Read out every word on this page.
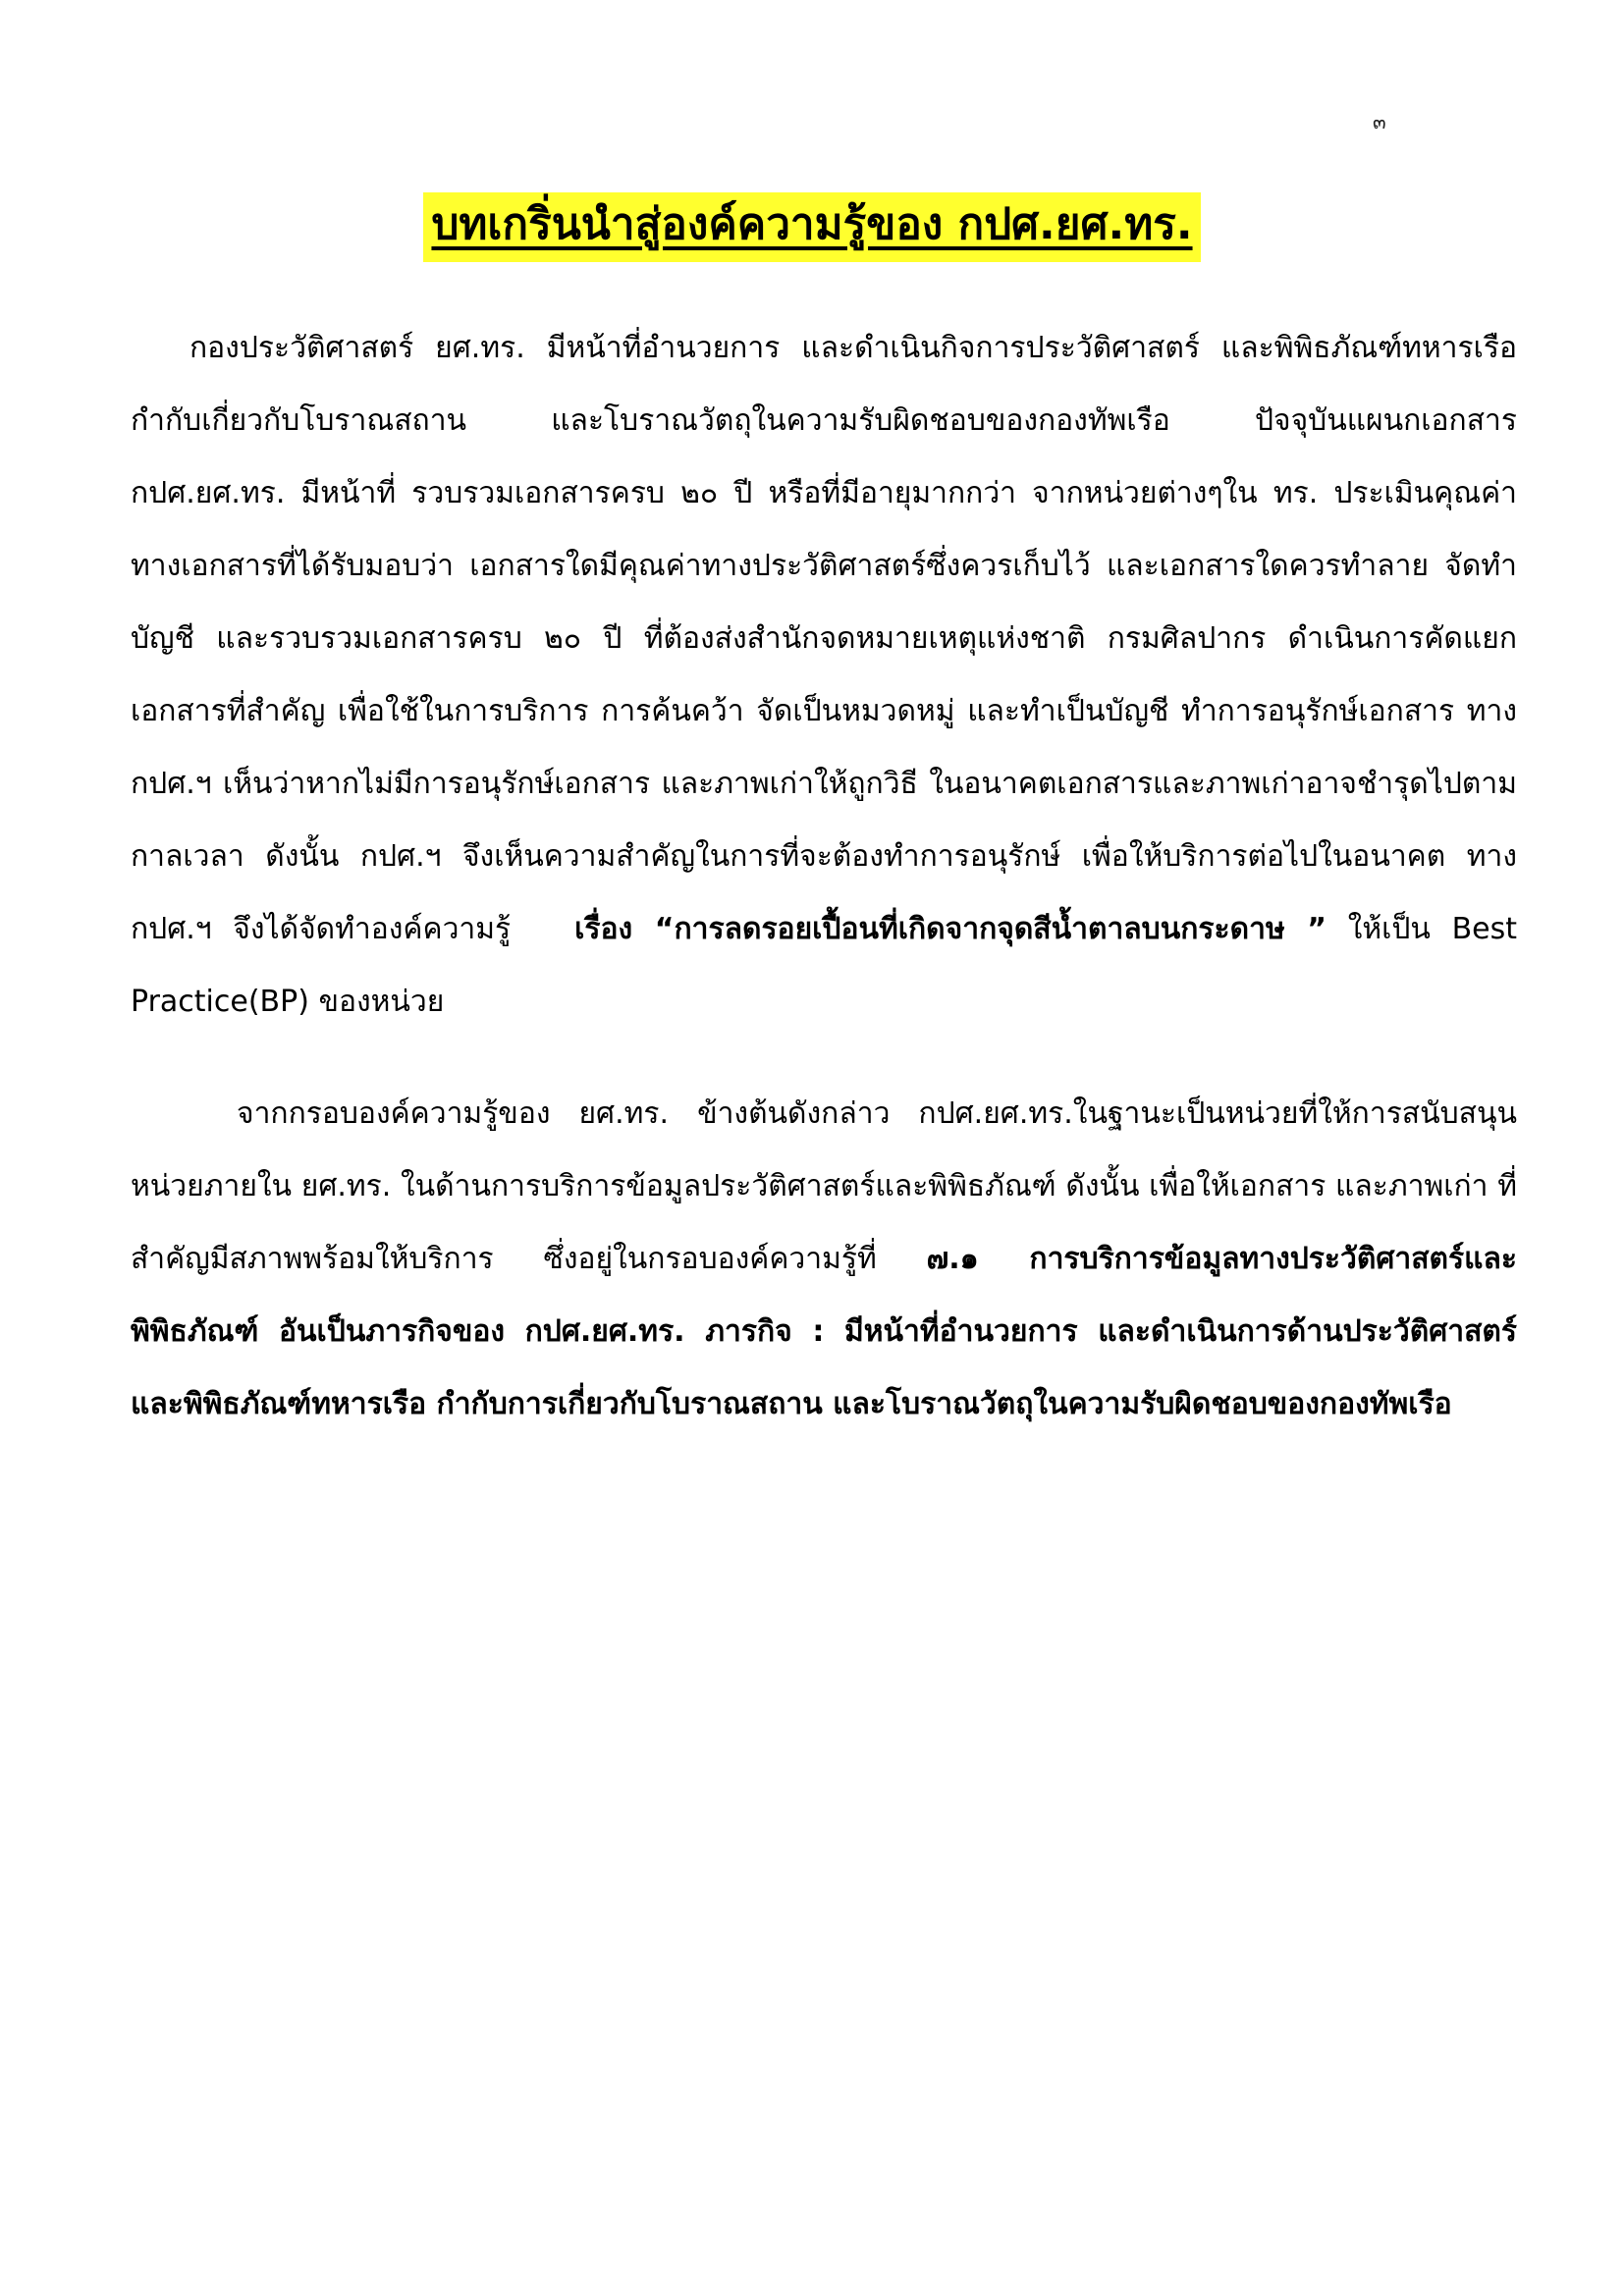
๓
บทเกริ่นนำสู่องค์ความรู้ของ กปศ.ยศ.ทร.

กองประวัติศาสตร์ ยศ.ทร. มีหน้าที่อำนวยการ และดำเนินกิจการประวัติศาสตร์ และพิพิธภัณฑ์ทหารเรือ กำกับเกี่ยวกับโบราณสถาน และโบราณวัตถุในความรับผิดชอบของกองทัพเรือ ปัจจุบันแผนกเอกสาร กปศ.ยศ.ทร. มีหน้าที่ รวบรวมเอกสารครบ ๒๐ ปี หรือที่มีอายุมากกว่า จากหน่วยต่างๆใน ทร. ประเมินคุณค่าทางเอกสารที่ได้รับมอบว่า เอกสารใดมีคุณค่าทางประวัติศาสตร์ซึ่งควรเก็บไว้ และเอกสารใดควรทำลาย จัดทำบัญชี และรวบรวมเอกสารครบ ๒๐ ปี ที่ต้องส่งสำนักจดหมายเหตุแห่งชาติ กรมศิลปากร ดำเนินการคัดแยกเอกสารที่สำคัญ เพื่อใช้ในการบริการ การค้นคว้า จัดเป็นหมวดหมู่ และทำเป็นบัญชี ทำการอนุรักษ์เอกสาร ทาง กปศ.ฯ เห็นว่าหากไม่มีการอนุรักษ์เอกสาร และภาพเก่าให้ถูกวิธี ในอนาคตเอกสารและภาพเก่าอาจชำรุดไปตามกาลเวลา ดังนั้น กปศ.ฯ จึงเห็นความสำคัญในการที่จะต้องทำการอนุรักษ์ เพื่อให้บริการต่อไปในอนาคต ทาง กปศ.ฯ จึงได้จัดทำองค์ความรู้ เรื่อง “การลดรอยเปื้อนที่เกิดจากจุดสีน้ำตาลบนกระดาษ ” ให้เป็น Best Practice(BP) ของหน่วย

จากกรอบองค์ความรู้ของ ยศ.ทร. ข้างต้นดังกล่าว กปศ.ยศ.ทร.ในฐานะเป็นหน่วยที่ให้การสนับสนุนหน่วยภายใน ยศ.ทร. ในด้านการบริการข้อมูลประวัติศาสตร์และพิพิธภัณฑ์ ดังนั้น เพื่อให้เอกสาร และภาพเก่า ที่สำคัญมีสภาพพร้อมให้บริการ ซึ่งอยู่ในกรอบองค์ความรู้ที่ ๗.๑ การบริการข้อมูลทางประวัติศาสตร์และพิพิธภัณฑ์ อันเป็นภารกิจของ กปศ.ยศ.ทร. ภารกิจ : มีหน้าที่อำนวยการ และดำเนินการด้านประวัติศาสตร์ และพิพิธภัณฑ์ทหารเรือ กำกับการเกี่ยวกับโบราณสถาน และโบราณวัตถุในความรับผิดชอบของกองทัพเรือ
